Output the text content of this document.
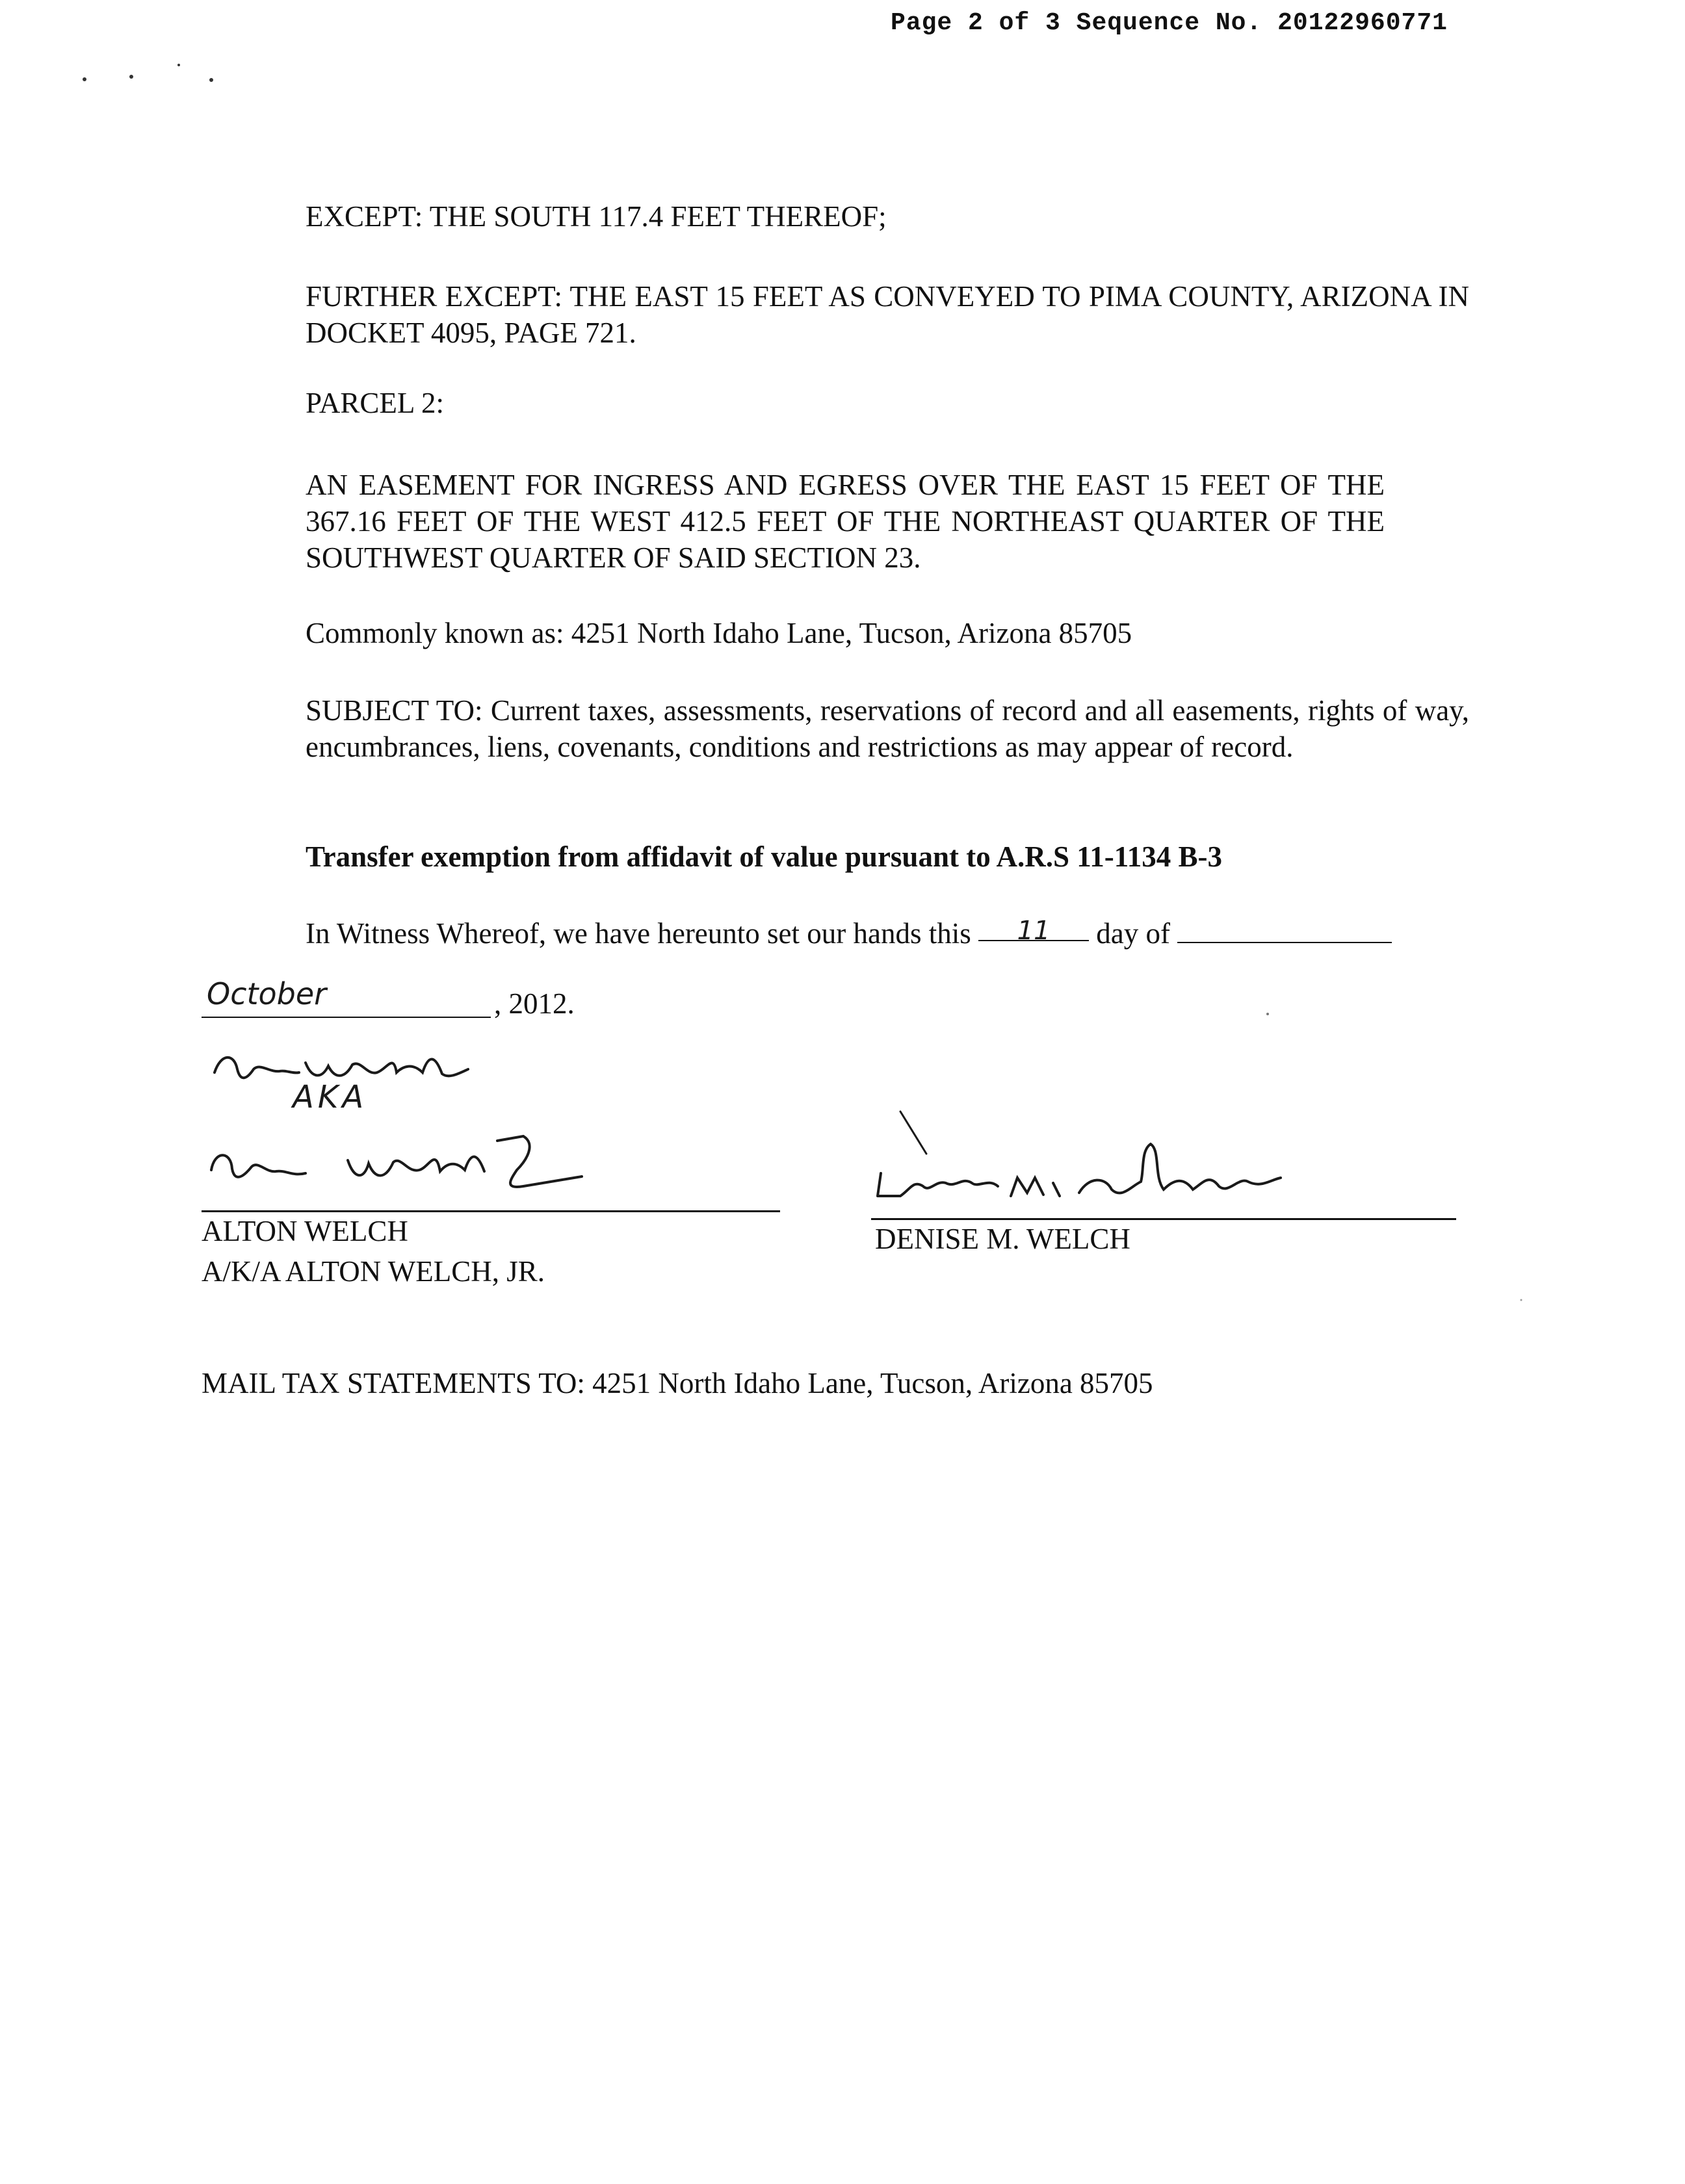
Page 2 of 3 Sequence No. 20122960771
EXCEPT: THE SOUTH 117.4 FEET THEREOF;
FURTHER EXCEPT: THE EAST 15 FEET AS CONVEYED TO PIMA COUNTY, ARIZONA IN DOCKET 4095, PAGE 721.
PARCEL 2:
AN EASEMENT FOR INGRESS AND EGRESS OVER THE EAST 15 FEET OF THE 367.16 FEET OF THE WEST 412.5 FEET OF THE NORTHEAST QUARTER OF THE SOUTHWEST QUARTER OF SAID SECTION 23.
Commonly known as: 4251 North Idaho Lane, Tucson, Arizona 85705
SUBJECT TO: Current taxes, assessments, reservations of record and all easements, rights of way, encumbrances, liens, covenants, conditions and restrictions as may appear of record.
Transfer exemption from affidavit of value pursuant to A.R.S 11-1134 B-3
In Witness Whereof, we have hereunto set our hands this 11 day of
October	, 2012.
AKA
ALTON WELCH
A/K/A ALTON WELCH, JR.
DENISE M. WELCH
MAIL TAX STATEMENTS TO: 4251 North Idaho Lane, Tucson, Arizona 85705
